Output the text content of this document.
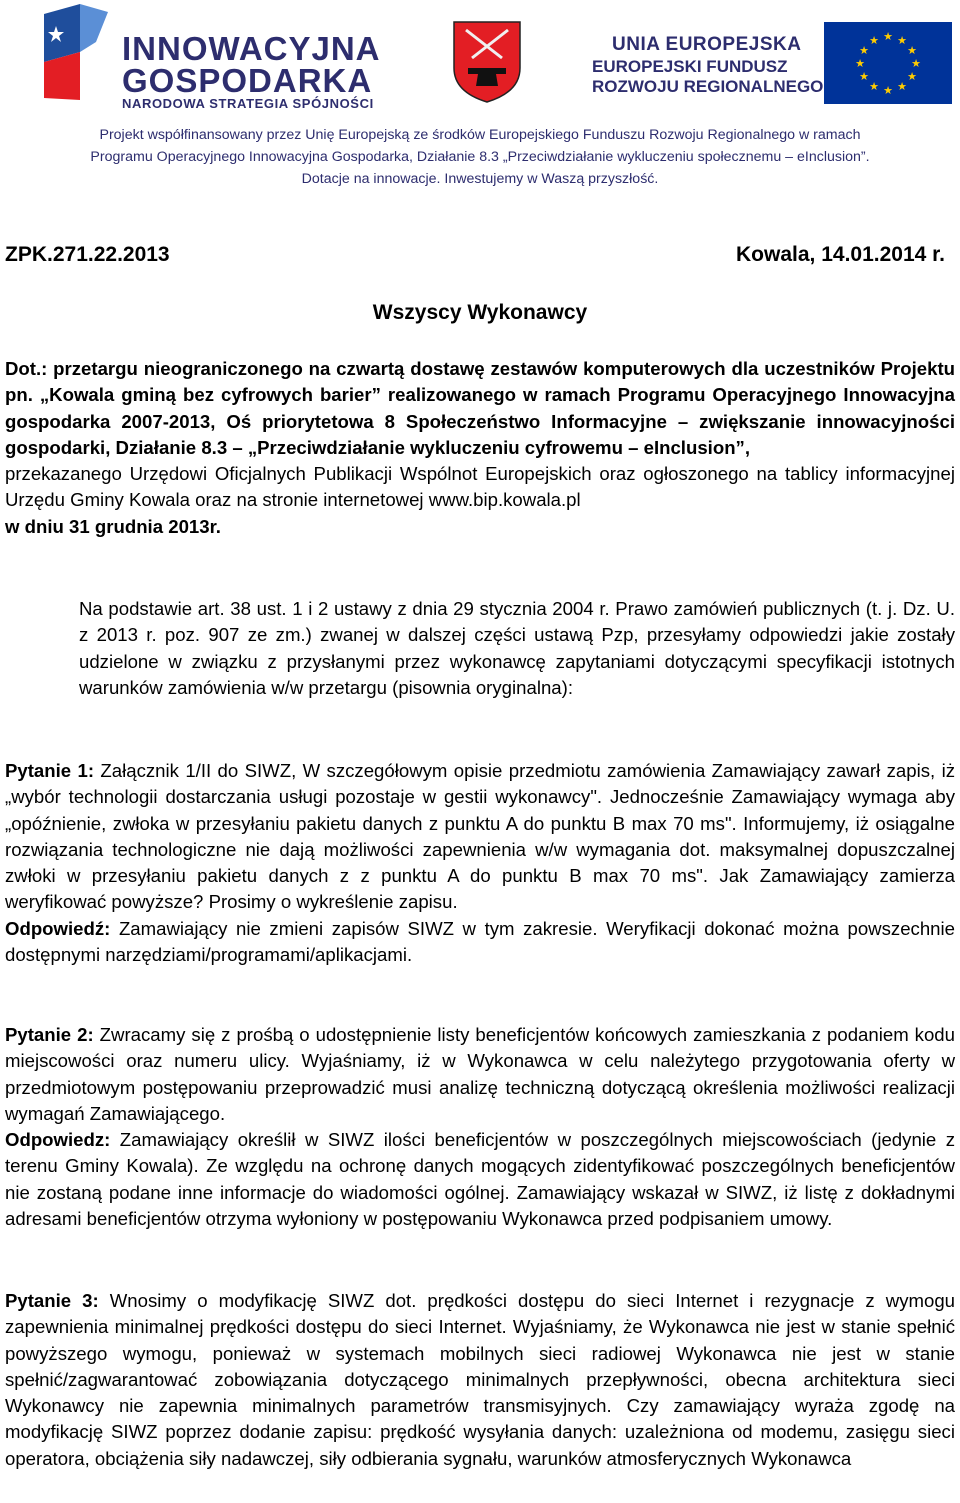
INNOWACYJNA
GOSPODARKA
NARODOWA STRATEGIA SPÓJNOŚCI
UNIA EUROPEJSKA
EUROPEJSKI FUNDUSZ
ROZWOJU REGIONALNEGO
★ ★
★
★
★
★
★
★
★
★
★
★
Projekt współfinansowany przez Unię Europejską ze środków Europejskiego Funduszu Rozwoju Regionalnego w ramach
Programu Operacyjnego Innowacyjna Gospodarka, Działanie 8.3 „Przeciwdziałanie wykluczeniu społecznemu – eInclusion”.
Dotacje na innowacje. Inwestujemy w Waszą przyszłość.
ZPK.271.22.2013	Kowala, 14.01.2014 r.
Wszyscy Wykonawcy

Dot.: przetargu nieograniczonego na czwartą dostawę zestawów komputerowych dla uczestników Projektu pn. „Kowala gminą bez cyfrowych barier” realizowanego w ramach Programu Operacyjnego Innowacyjna gospodarka 2007-2013, Oś priorytetowa 8 Społeczeństwo Informacyjne – zwiększanie innowacyjności gospodarki, Działanie 8.3 – „Przeciwdziałanie wykluczeniu cyfrowemu – eInclusion”,

przekazanego Urzędowi Oficjalnych Publikacji Wspólnot Europejskich oraz ogłoszonego na tablicy informacyjnej Urzędu Gminy Kowala oraz na stronie internetowej www.bip.kowala.pl

w dniu 31 grudnia 2013r.

Na podstawie art. 38 ust. 1 i 2 ustawy z dnia 29 stycznia 2004 r. Prawo zamówień publicznych (t. j. Dz. U. z 2013 r. poz. 907 ze zm.) zwanej w dalszej części ustawą Pzp, przesyłamy odpowiedzi jakie zostały udzielone w związku z przysłanymi przez wykonawcę zapytaniami dotyczącymi specyfikacji istotnych warunków zamówienia w/w przetargu (pisownia oryginalna):

Pytanie 1: Załącznik 1/II do SIWZ, W szczegółowym opisie przedmiotu zamówienia Zamawiający zawarł zapis, iż „wybór technologii dostarczania usługi pozostaje w gestii wykonawcy". Jednocześnie Zamawiający wymaga aby „opóźnienie, zwłoka w przesyłaniu pakietu danych z punktu A do punktu B max 70 ms". Informujemy, iż osiągalne rozwiązania technologiczne nie dają możliwości zapewnienia w/w wymagania dot. maksymalnej dopuszczalnej zwłoki w przesyłaniu pakietu danych z z punktu A do punktu B max 70 ms". Jak Zamawiający zamierza weryfikować powyższe? Prosimy o wykreślenie zapisu.

Odpowiedź: Zamawiający nie zmieni zapisów SIWZ w tym zakresie. Weryfikacji dokonać można powszechnie dostępnymi narzędziami/programami/aplikacjami.

Pytanie 2: Zwracamy się z prośbą o udostępnienie listy beneficjentów końcowych zamieszkania z podaniem kodu miejscowości oraz numeru ulicy. Wyjaśniamy, iż w Wykonawca w celu należytego przygotowania oferty w przedmiotowym postępowaniu przeprowadzić musi analizę techniczną dotyczącą określenia możliwości realizacji wymagań Zamawiającego.

Odpowiedz: Zamawiający określił w SIWZ ilości beneficjentów w poszczególnych miejscowościach (jedynie z terenu Gminy Kowala). Ze względu na ochronę danych mogących zidentyfikować poszczególnych beneficjentów nie zostaną podane inne informacje do wiadomości ogólnej. Zamawiający wskazał w SIWZ, iż listę z dokładnymi adresami beneficjentów otrzyma wyłoniony w postępowaniu Wykonawca przed podpisaniem umowy.

Pytanie 3: Wnosimy o modyfikację SIWZ dot. prędkości dostępu do sieci Internet i rezygnacje z wymogu zapewnienia minimalnej prędkości dostępu do sieci Internet. Wyjaśniamy, że Wykonawca nie jest w stanie spełnić powyższego wymogu, ponieważ w systemach mobilnych sieci radiowej Wykonawca nie jest w stanie spełnić/zagwarantować zobowiązania dotyczącego minimalnych przepływności, obecna architektura sieci Wykonawcy nie zapewnia minimalnych parametrów transmisyjnych. Czy zamawiający wyraża zgodę na modyfikację SIWZ poprzez dodanie zapisu: prędkość wysyłania danych: uzależniona od modemu, zasięgu sieci operatora, obciążenia siły nadawczej, siły odbierania sygnału, warunków atmosferycznych Wykonawca
